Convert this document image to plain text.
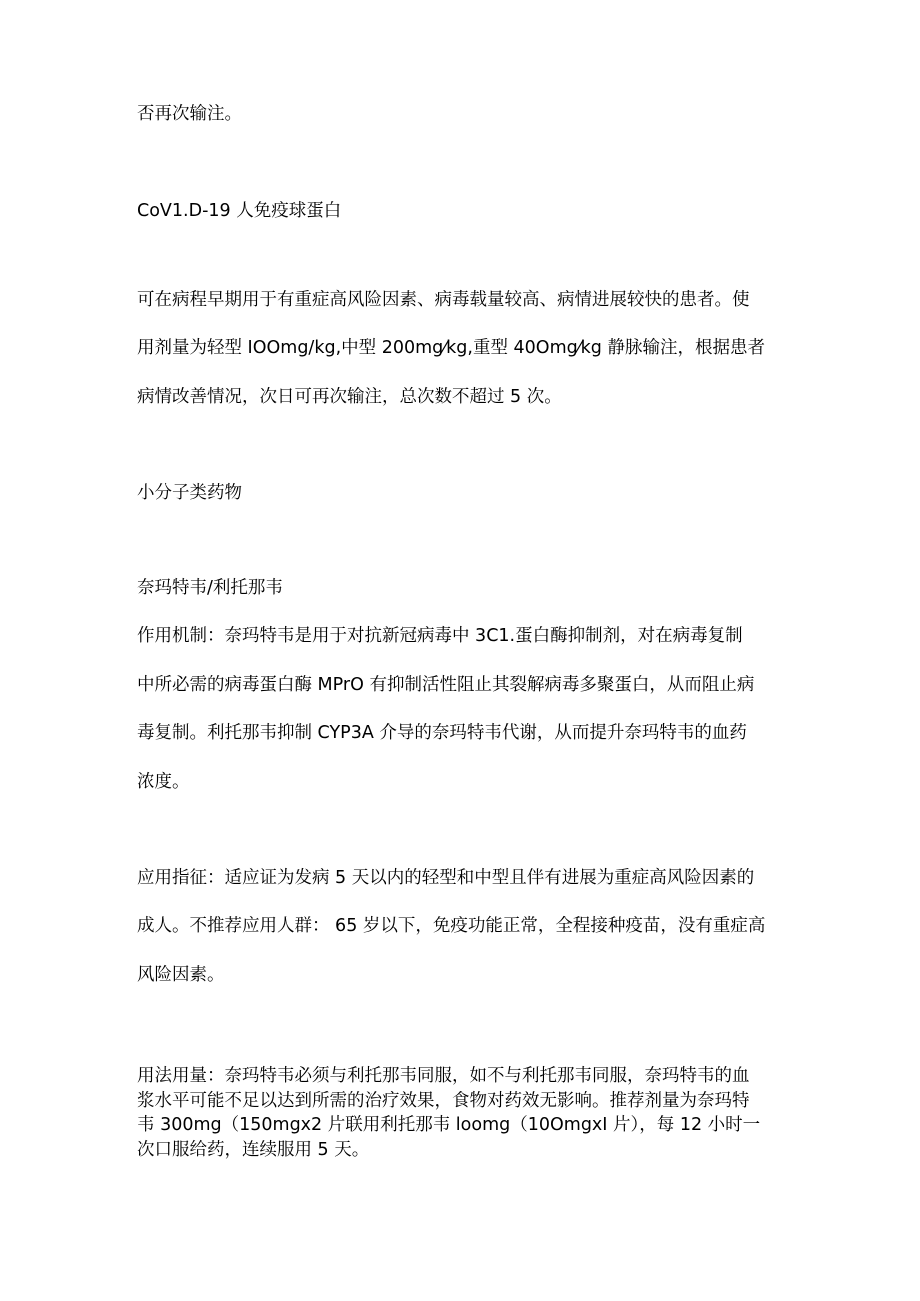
否再次输注。
CoV1.D-19 人免疫球蛋白
可在病程早期用于有重症高风险因素、病毒载量较高、病情进展较快的患者。使
用剂量为轻型 IOOmg/kg,中型 200mg⁄kg,重型 40Omg⁄kg 静脉输注，根据患者
病情改善情况，次日可再次输注，总次数不超过 5 次。
小分子类药物
奈玛特韦/利托那韦
作用机制：奈玛特韦是用于对抗新冠病毒中 3C1.蛋白酶抑制剂，对在病毒复制
中所必需的病毒蛋白酶 MPrO 有抑制活性阻止其裂解病毒多聚蛋白，从而阻止病
毒复制。利托那韦抑制 CYP3A 介导的奈玛特韦代谢，从而提升奈玛特韦的血药
浓度。
应用指征：适应证为发病 5 天以内的轻型和中型且伴有进展为重症高风险因素的
成人。不推荐应用人群： 65 岁以下，免疫功能正常，全程接种疫苗，没有重症高
风险因素。
用法用量：奈玛特韦必须与利托那韦同服，如不与利托那韦同服，奈玛特韦的血
浆水平可能不足以达到所需的治疗效果，食物对药效无影响。推荐剂量为奈玛特
韦 300mg（150mgx2 片联用利托那韦 loomg（10OmgxI 片），每 12 小时一
次口服给药，连续服用 5 天。
